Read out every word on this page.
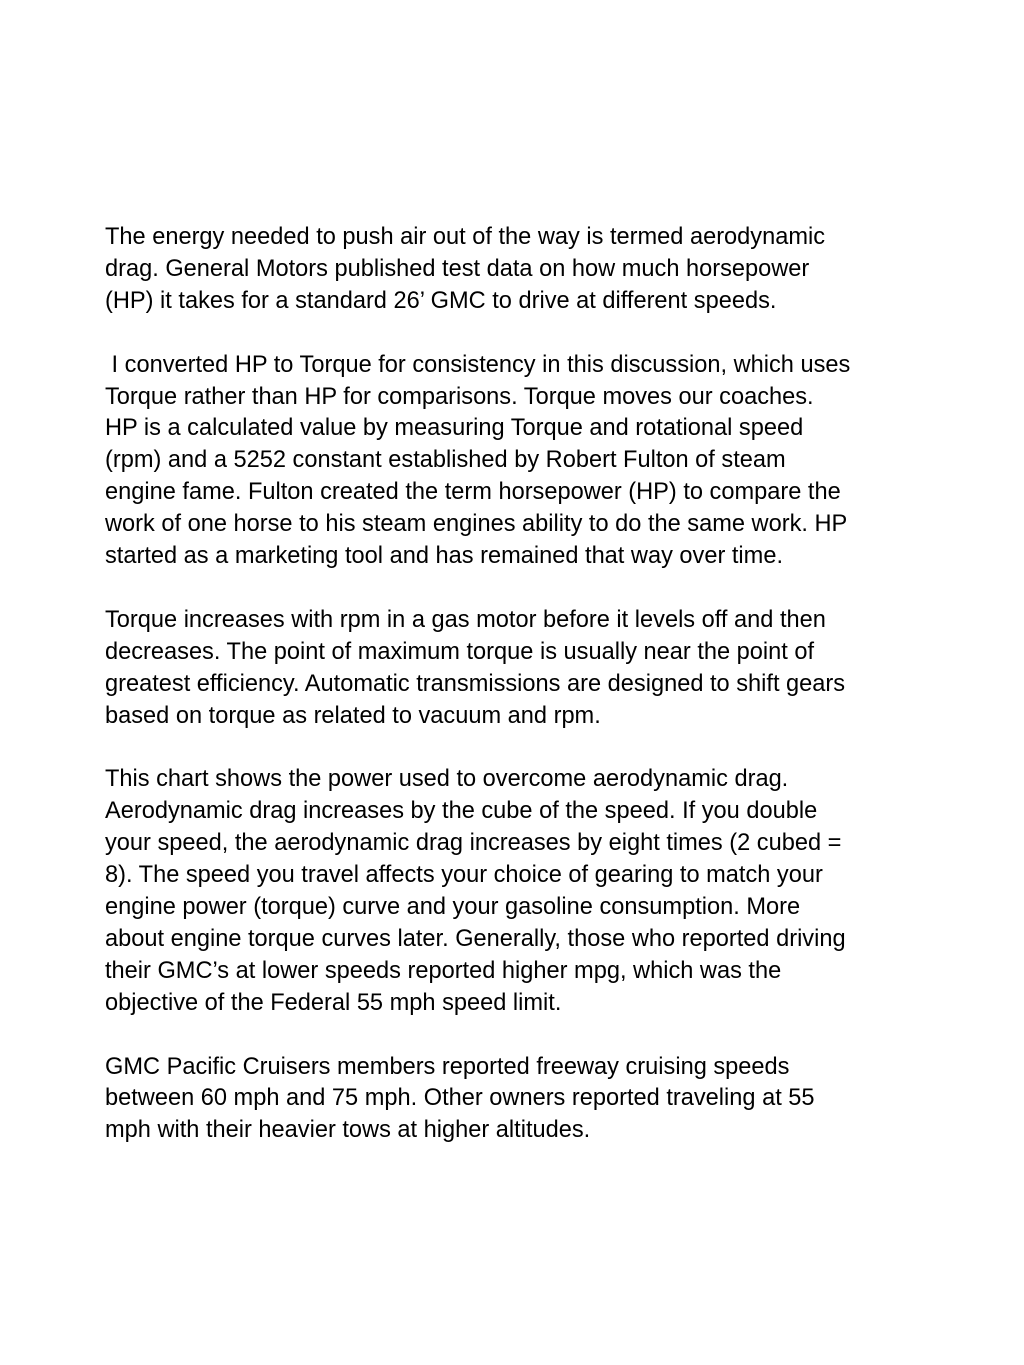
The energy needed to push air out of the way is termed aerodynamic
drag. General Motors published test data on how much horsepower
(HP) it takes for a standard 26’ GMC to drive at different speeds.

I converted HP to Torque for consistency in this discussion, which uses
Torque rather than HP for comparisons. Torque moves our coaches.
HP is a calculated value by measuring Torque and rotational speed
(rpm) and a 5252 constant established by Robert Fulton of steam
engine fame. Fulton created the term horsepower (HP) to compare the
work of one horse to his steam engines ability to do the same work. HP
started as a marketing tool and has remained that way over time.

Torque increases with rpm in a gas motor before it levels off and then
decreases. The point of maximum torque is usually near the point of
greatest efficiency. Automatic transmissions are designed to shift gears
based on torque as related to vacuum and rpm.

This chart shows the power used to overcome aerodynamic drag.
Aerodynamic drag increases by the cube of the speed. If you double
your speed, the aerodynamic drag increases by eight times (2 cubed =
8). The speed you travel affects your choice of gearing to match your
engine power (torque) curve and your gasoline consumption. More
about engine torque curves later. Generally, those who reported driving
their GMC’s at lower speeds reported higher mpg, which was the
objective of the Federal 55 mph speed limit.

GMC Pacific Cruisers members reported freeway cruising speeds
between 60 mph and 75 mph. Other owners reported traveling at 55
mph with their heavier tows at higher altitudes.
